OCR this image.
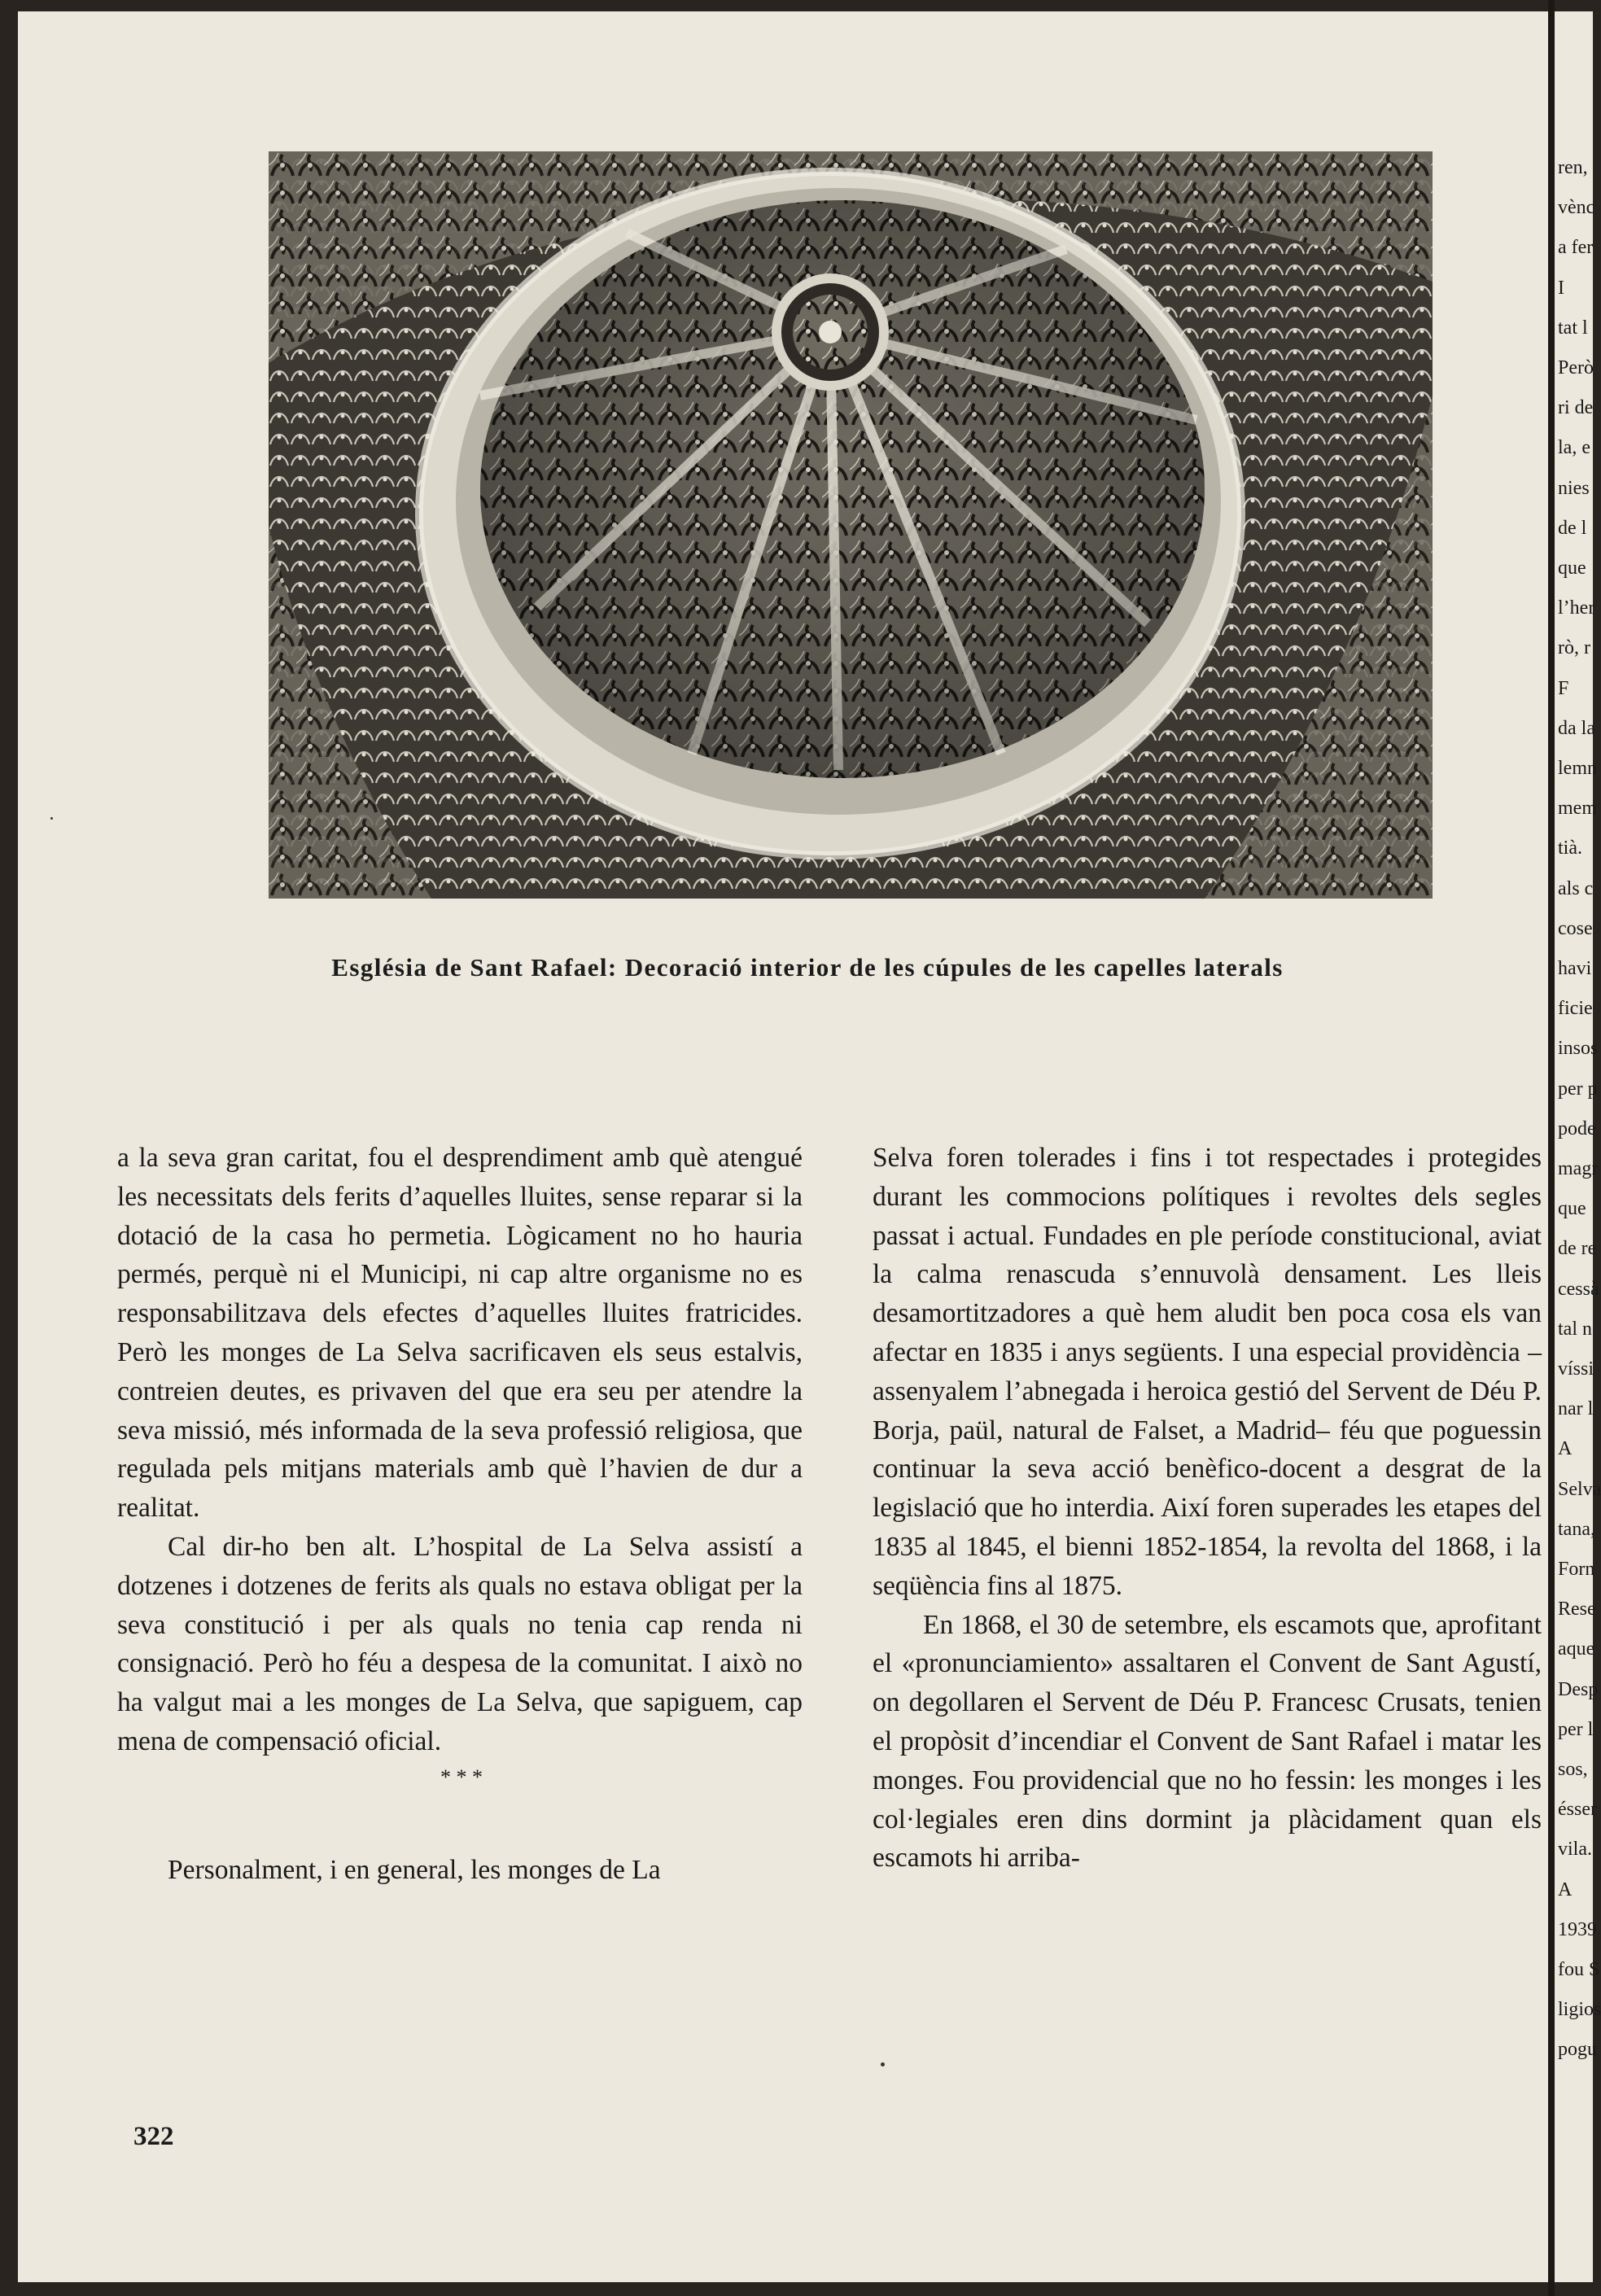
Església de Sant Rafael: Decoració interior de les cúpules de les capelles laterals

a la seva gran caritat, fou el desprendiment amb què atengué les necessitats dels ferits d’aquelles lluites, sense reparar si la dotació de la casa ho permetia. Lògicament no ho hauria permés, perquè ni el Municipi, ni cap altre organisme no es responsabilitzava dels efectes d’aquelles lluites fratricides. Però les monges de La Selva sacrificaven els seus estalvis, contreien deutes, es privaven del que era seu per atendre la seva missió, més informada de la seva professió religiosa, que regulada pels mitjans materials amb què l’havien de dur a realitat.

Cal dir-ho ben alt. L’hospital de La Selva assistí a dotzenes i dotzenes de ferits als quals no estava obligat per la seva constitució i per als quals no tenia cap renda ni consignació. Però ho féu a despesa de la comunitat. I això no ha valgut mai a les monges de La Selva, que sapiguem, cap mena de compensació oficial.

* * *
Personalment, i en general, les monges de La

Selva foren tolerades i fins i tot respectades i protegides durant les commocions polítiques i revoltes dels segles passat i actual. Fundades en ple període constitucional, aviat la calma renascuda s’ennuvolà densament. Les lleis desamortitzadores a què hem aludit ben poca cosa els van afectar en 1835 i anys següents. I una especial providència –assenyalem l’abnegada i heroica gestió del Servent de Déu P. Borja, paül, natural de Falset, a Madrid– féu que poguessin continuar la seva acció benèfico-docent a desgrat de la legislació que ho interdia. Així foren superades les etapes del 1835 al 1845, el bienni 1852-1854, la revolta del 1868, i la seqüència fins al 1875.

En 1868, el 30 de setembre, els escamots que, aprofitant el «pronunciamiento» assaltaren el Convent de Sant Agustí, on degollaren el Servent de Déu P. Francesc Crusats, tenien el propòsit d’incendiar el Convent de Sant Rafael i matar les monges. Fou providencial que no ho fessin: les monges i les col·legiales eren dins dormint ja plàcidament quan els escamots hi arriba-

322
ren,
vènc
a fer
I
tat l
Però
ri de
la, e
nies
de l
que
l’her
rò, r
F
da la
lemn
mem
tià.
als c
cose
havi
ficie
insos
per p
pode
magr
que
de re
cessà
tal n
víssi
nar l
A
Selva
tana,
Forn
Rese
aque
Desp
per l
sos,
ésser
vila.
A
1939
fou S
ligios
pogu
